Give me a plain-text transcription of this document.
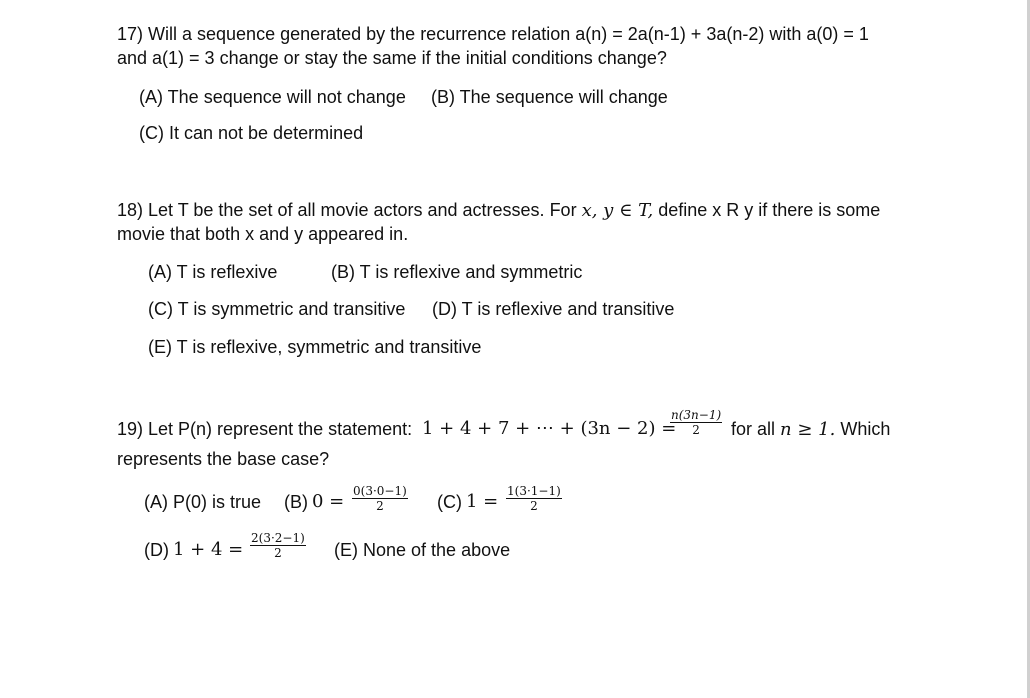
17) Will a sequence generated by the recurrence relation a(n) = 2a(n-1) + 3a(n-2) with a(0) = 1
and a(1) = 3 change or stay the same if the initial conditions change?
(A) The sequence will not change (B) The sequence will change
(C) It can not be determined
18) Let T be the set of all movie actors and actresses. For x, y ∈ T, define x R y if there is some
movie that both x and y appeared in.
(A) T is reflexive	(B) T is reflexive and symmetric
(C) T is symmetric and transitive (D) T is reflexive and transitive
(E) T is reflexive, symmetric and transitive
19) Let P(n) represent the statement: 1 + 4 + 7 + ⋯ + (3n − 2) =
n(3n−1)
2	for all n ≥ 1. Which
represents the base case?
(A) P(0) is true (B) 0 = 0(3·0−1)
2	(C) 1 = 1(3·1−1)
2
(D) 1 + 4 =
2(3·2−1)
2	(E) None of the above
